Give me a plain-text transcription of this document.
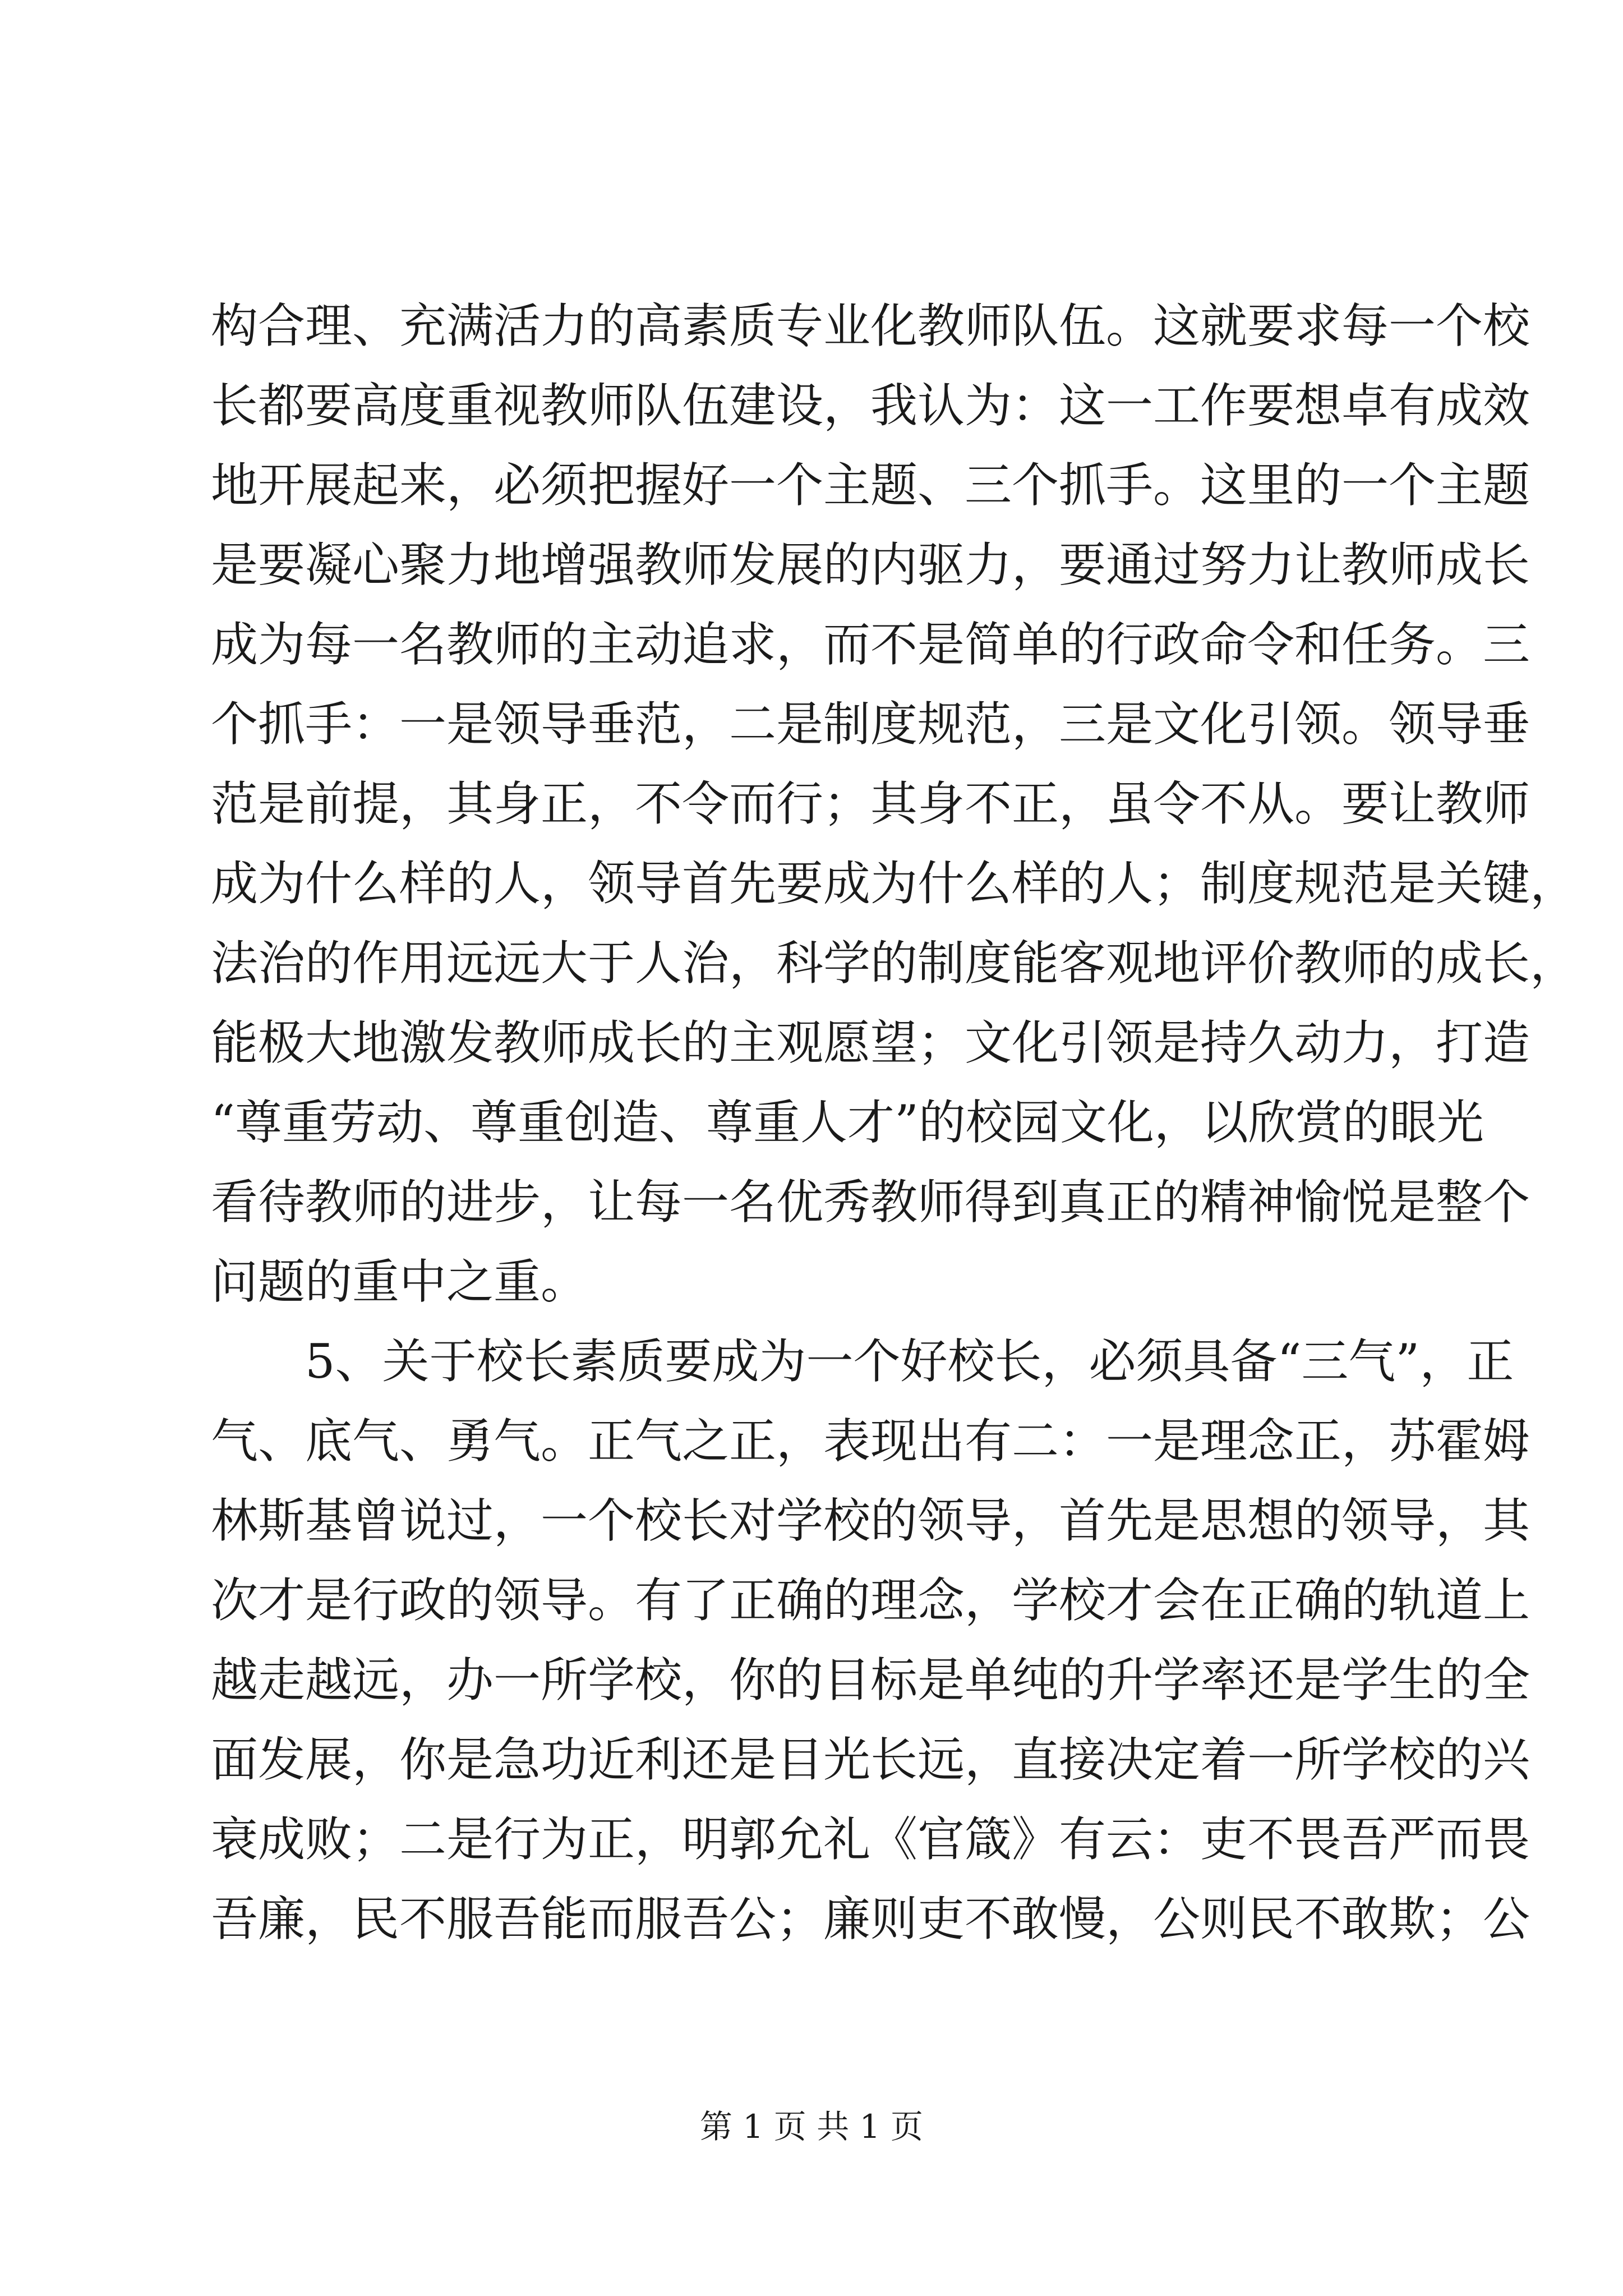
构合理、充满活力的高素质专业化教师队伍。这就要求每一个校
长都要高度重视教师队伍建设，我认为：这一工作要想卓有成效
地开展起来，必须把握好一个主题、三个抓手。这里的一个主题
是要凝心聚力地增强教师发展的内驱力，要通过努力让教师成长
成为每一名教师的主动追求，而不是简单的行政命令和任务。三
个抓手：一是领导垂范，二是制度规范，三是文化引领。领导垂
范是前提，其身正，不令而行；其身不正，虽令不从。要让教师
成为什么样的人，领导首先要成为什么样的人；制度规范是关键，
法治的作用远远大于人治，科学的制度能客观地评价教师的成长，
能极大地激发教师成长的主观愿望；文化引领是持久动力，打造
“尊重劳动、尊重创造、尊重人才”的校园文化，以欣赏的眼光
看待教师的进步，让每一名优秀教师得到真正的精神愉悦是整个
问题的重中之重。
5、关于校长素质要成为一个好校长，必须具备“三气”，正
气、底气、勇气。正气之正，表现出有二：一是理念正，苏霍姆
林斯基曾说过，一个校长对学校的领导，首先是思想的领导，其
次才是行政的领导。有了正确的理念，学校才会在正确的轨道上
越走越远，办一所学校，你的目标是单纯的升学率还是学生的全
面发展，你是急功近利还是目光长远，直接决定着一所学校的兴
衰成败；二是行为正，明郭允礼《官箴》有云：吏不畏吾严而畏
吾廉，民不服吾能而服吾公；廉则吏不敢慢，公则民不敢欺；公
第 1 页 共 1 页
